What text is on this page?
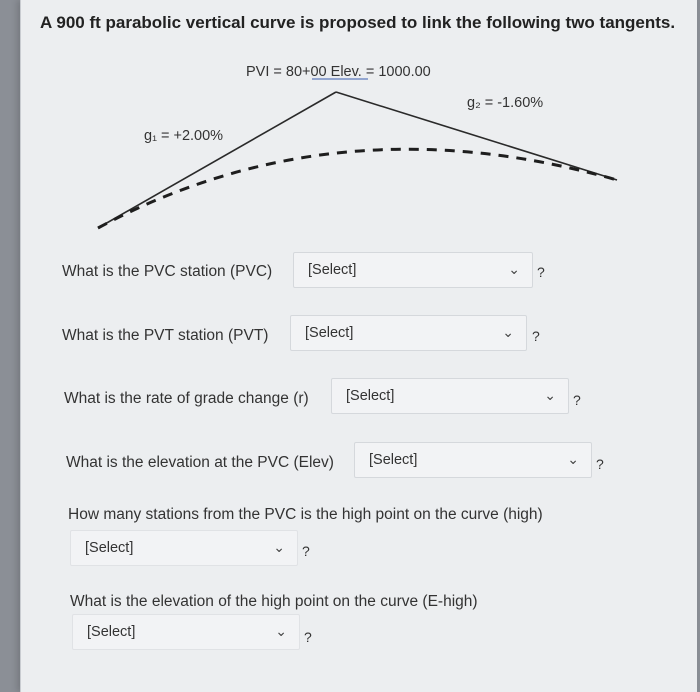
A 900 ft parabolic vertical curve is proposed to link the following two tangents.
PVI = 80+00 Elev. = 1000.00
g₁ = +2.00%
g₂ = -1.60%
What is the PVC station (PVC) [Select]	⌄ ?
What is the PVT station (PVT)	[Select]	⌄ ?
What is the rate of grade change (r)	[Select]	⌄ ?
What is the elevation at the PVC (Elev) [Select]	⌄ ?
How many stations from the PVC is the high point on the curve (high)
[Select]	⌄ ?
What is the elevation of the high point on the curve (E-high)
[Select]	⌄ ?
